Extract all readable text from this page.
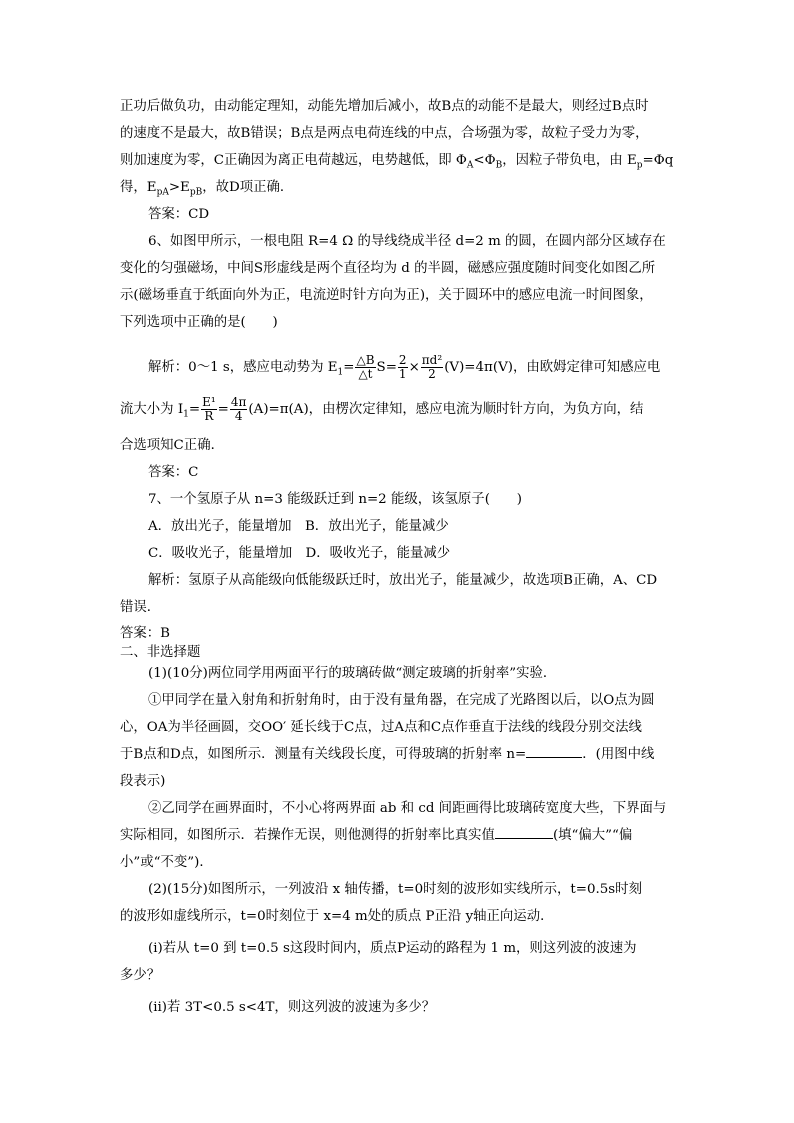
正功后做负功，由动能定理知，动能先增加后减小，故B点的动能不是最大，则经过B点时
的速度不是最大，故B错误；B点是两点电荷连线的中点，合场强为零，故粒子受力为零，
则加速度为零，C正确因为离正电荷越远，电势越低，即 $\Phi_A<\Phi_B$，因粒子带负电，由 $E_p=\Phi q$
得，$E_{pA}>E_{pB}$，故D项正确．
答案：CD
6、如图甲所示，一根电阻 R=4 Ω 的导线绕成半径 d=2 m 的圆，在圆内部分区域存在
变化的匀强磁场，中间S形虚线是两个直径均为 d 的半圆，磁感应强度随时间变化如图乙所
示(磁场垂直于纸面向外为正，电流逆时针方向为正)，关于圆环中的感应电流一时间图象，
下列选项中正确的是(　　)
解析：0～1 s，感应电动势为 $E_1= \frac{\triangle B}{\triangle t} S= \frac{2}{1} \times \frac{\text{πd²}}{2} (V)=4\pi(V)$，由欧姆定律可知感应电
流大小为 $I_1= \frac{\text{E¹}}{R} = \frac{4\pi}{4} (A)=\pi(A)$，由楞次定律知，感应电流为顺时针方向，为负方向，结
合选项知C正确．
答案：C
7、一个氢原子从 n=3 能级跃迁到 n=2 能级，该氢原子(　　)
A．放出光子，能量增加　B．放出光子，能量减少
C．吸收光子，能量增加　D．吸收光子，能量减少
解析：氢原子从高能级向低能级跃迁时，放出光子，能量减少，故选项B正确，A、CD
错误．
答案：B
二、非选择题
(1)(10分)两位同学用两面平行的玻璃砖做“测定玻璃的折射率”实验．
①甲同学在量入射角和折射角时，由于没有量角器，在完成了光路图以后，以O点为圆
心，OA为半径画圆，交OO′ 延长线于C点，过A点和C点作垂直于法线的线段分别交法线
于B点和D点，如图所示．测量有关线段长度，可得玻璃的折射率 n=	．(用图中线
段表示)
②乙同学在画界面时，不小心将两界面 ab 和 cd 间距画得比玻璃砖宽度大些，下界面与
实际相同，如图所示．若操作无误，则他测得的折射率比真实值	(填“偏大”“偏
小”或“不变”)．
(2)(15分)如图所示，一列波沿 x 轴传播，t=0时刻的波形如实线所示，t=0.5s时刻
的波形如虚线所示，t=0时刻位于 x=4 m处的质点 P正沿 y轴正向运动．
(ⅰ)若从 t=0 到 t=0.5 s这段时间内，质点P运动的路程为 1 m，则这列波的波速为
多少？
(ⅱ)若 3T<0.5 s<4T，则这列波的波速为多少？
